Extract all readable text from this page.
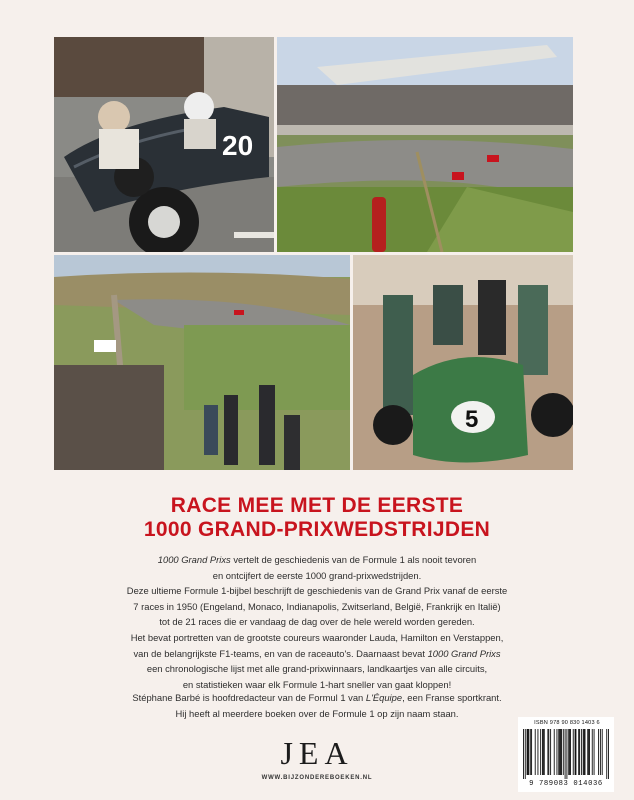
20
5
RACE MEE MET DE EERSTE
1000 GRAND-PRIXWEDSTRIJDEN

1000 Grand Prixs vertelt de geschiedenis van de Formule 1 als nooit tevoren

en ontcijfert de eerste 1000 grand-prixwedstrijden.

Deze ultieme Formule 1-bijbel beschrijft de geschiedenis van de Grand Prix vanaf de eerste

7 races in 1950 (Engeland, Monaco, Indianapolis, Zwitserland, België, Frankrijk en Italië)

tot de 21 races die er vandaag de dag over de hele wereld worden gereden.

Het bevat portretten van de grootste coureurs waaronder Lauda, Hamilton en Verstappen,

van de belangrijkste F1-teams, en van de raceauto's. Daarnaast bevat 1000 Grand Prixs

een chronologische lijst met alle grand-prixwinnaars, landkaartjes van alle circuits,

en statistieken waar elk Formule 1-hart sneller van gaat kloppen!

Stéphane Barbé is hoofdredacteur van de Formul 1 van L'Équipe, een Franse sportkrant.

Hij heeft al meerdere boeken over de Formule 1 op zijn naam staan.

JEA
WWW.BIJZONDEREBOEKEN.NL
ISBN 978 90 830 1403 6
9 789083 014036
